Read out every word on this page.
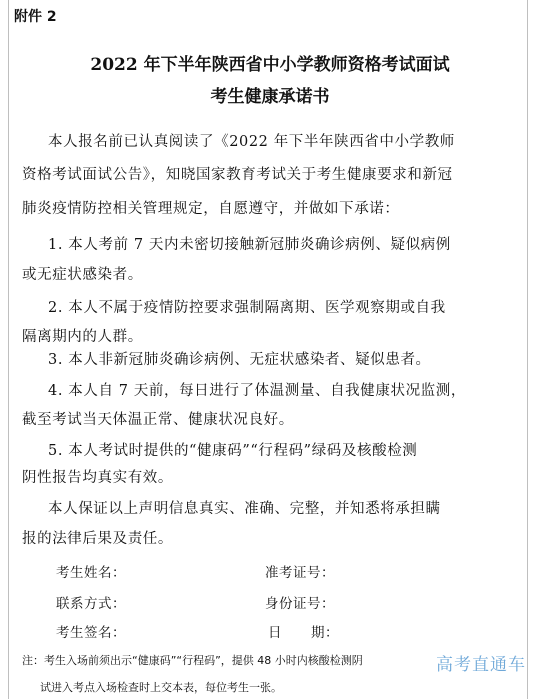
附件 2
2022 年下半年陕西省中小学教师资格考试面试
考生健康承诺书
本人报名前已认真阅读了《2022 年下半年陕西省中小学教师
资格考试面试公告》，知晓国家教育考试关于考生健康要求和新冠
肺炎疫情防控相关管理规定，自愿遵守，并做如下承诺：
1. 本人考前 7 天内未密切接触新冠肺炎确诊病例、疑似病例
或无症状感染者。
2. 本人不属于疫情防控要求强制隔离期、医学观察期或自我
隔离期内的人群。
3. 本人非新冠肺炎确诊病例、无症状感染者、疑似患者。
4. 本人自 7 天前，每日进行了体温测量、自我健康状况监测，
截至考试当天体温正常、健康状况良好。
5. 本人考试时提供的“健康码”“行程码”绿码及核酸检测
阴性报告均真实有效。
本人保证以上声明信息真实、准确、完整，并知悉将承担瞒
报的法律后果及责任。
考生姓名：	准考证号：
联系方式：	身份证号：
考生签名：	日 期：
注：考生入场前须出示“健康码”“行程码”，提供 48 小时内核酸检测阴
试进入考点入场检查时上交本表，每位考生一张。
高考直通车
